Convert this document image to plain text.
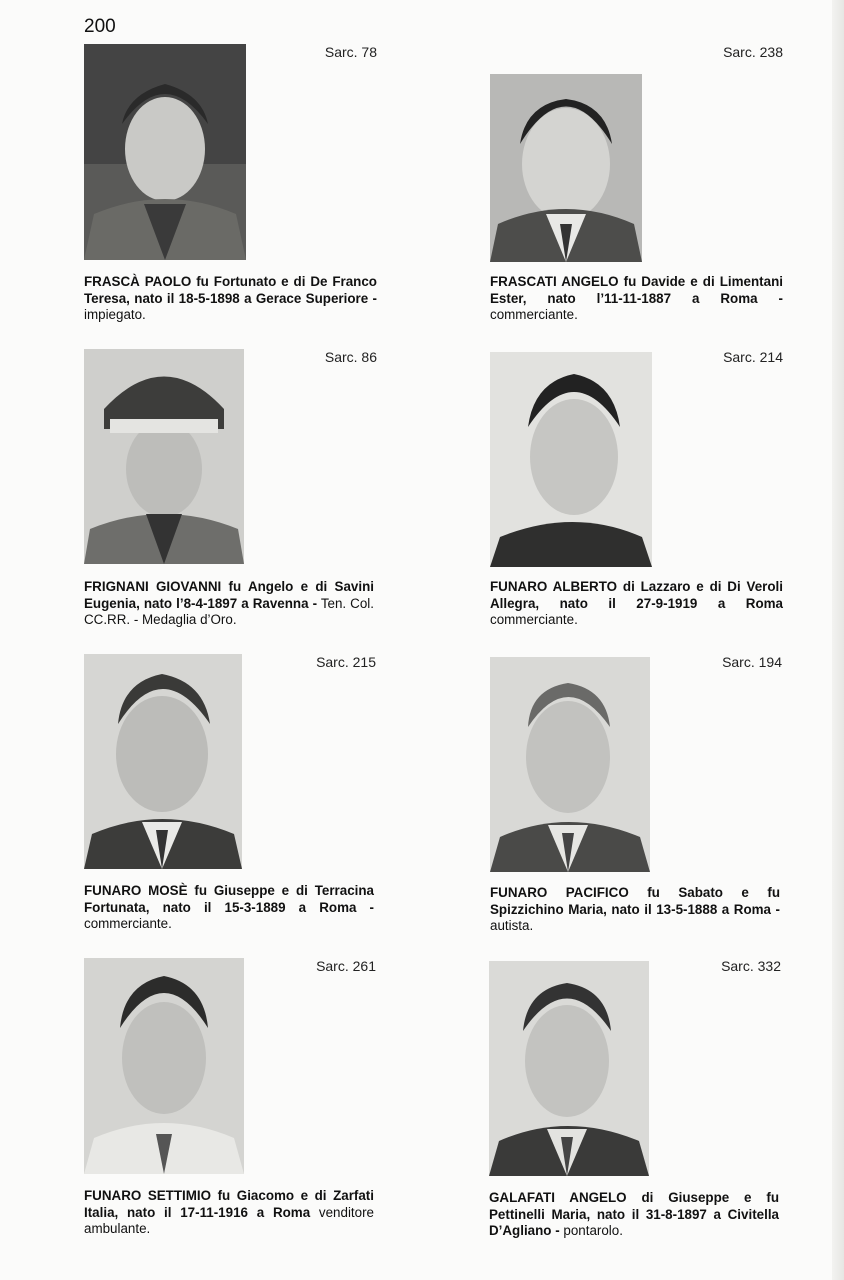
200
Sarc. 78
FRASCÀ PAOLO fu Fortunato e di De Franco Teresa, nato il 18-5-1898 a Gerace Superiore - impiegato.
Sarc. 238
FRASCATI ANGELO fu Davide e di Limentani Ester, nato l’11-11-1887 a Roma - commerciante.
Sarc. 86
FRIGNANI GIOVANNI fu Angelo e di Savini Eugenia, nato l’8-4-1897 a Ravenna - Ten. Col. CC.RR. - Medaglia d’Oro.
Sarc. 214
FUNARO ALBERTO di Lazzaro e di Di Veroli Allegra, nato il 27-9-1919 a Roma commerciante.
Sarc. 215
FUNARO MOSÈ fu Giuseppe e di Terracina Fortunata, nato il 15-3-1889 a Roma - commerciante.
Sarc. 194
FUNARO PACIFICO fu Sabato e fu Spizzichino Maria, nato il 13-5-1888 a Roma - autista.
Sarc. 261
FUNARO SETTIMIO fu Giacomo e di Zarfati Italia, nato il 17-11-1916 a Roma venditore ambulante.
Sarc. 332
GALAFATI ANGELO di Giuseppe e fu Pettinelli Maria, nato il 31-8-1897 a Civitella D’Agliano - pontarolo.
